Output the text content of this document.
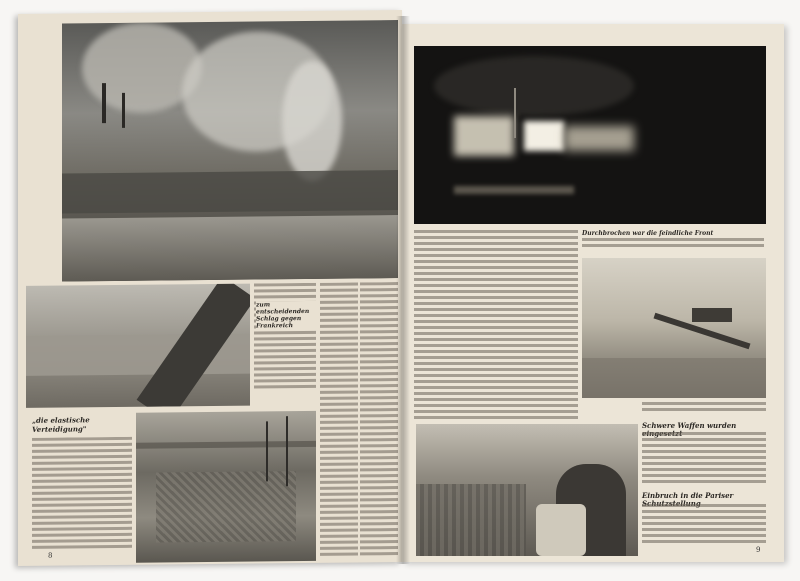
zum entscheidenden Schlag gegen Frankreich
„die elastische Verteidigung"
8
Durchbrochen war die feindliche Front
Schwere Waffen wurden
Einbruch in die Pariser
9
